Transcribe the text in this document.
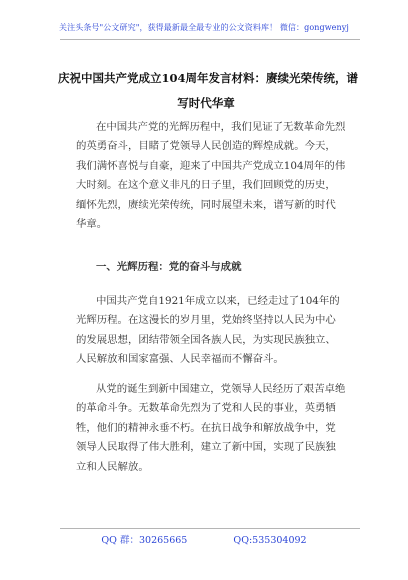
关注头条号"公文研究"，获得最新最全最专业的公文资料库！ 微信：gongwenyj
庆祝中国共产党成立104周年发言材料：赓续光荣传统，谱
写时代华章

在中国共产党的光辉历程中，我们见证了无数革命先烈
的英勇奋斗，目睹了党领导人民创造的辉煌成就。今天，
我们满怀喜悦与自豪，迎来了中国共产党成立104周年的伟
大时刻。在这个意义非凡的日子里，我们回顾党的历史，
缅怀先烈，赓续光荣传统，同时展望未来，谱写新的时代
华章。

一、光辉历程：党的奋斗与成就

中国共产党自1921年成立以来，已经走过了104年的
光辉历程。在这漫长的岁月里，党始终坚持以人民为中心
的发展思想，团结带领全国各族人民，为实现民族独立、
人民解放和国家富强、人民幸福而不懈奋斗。

从党的诞生到新中国建立，党领导人民经历了艰苦卓绝
的革命斗争。无数革命先烈为了党和人民的事业，英勇牺
牲，他们的精神永垂不朽。在抗日战争和解放战争中，党
领导人民取得了伟大胜利，建立了新中国，实现了民族独
立和人民解放。

QQ 群：30265665	QQ:535304092
